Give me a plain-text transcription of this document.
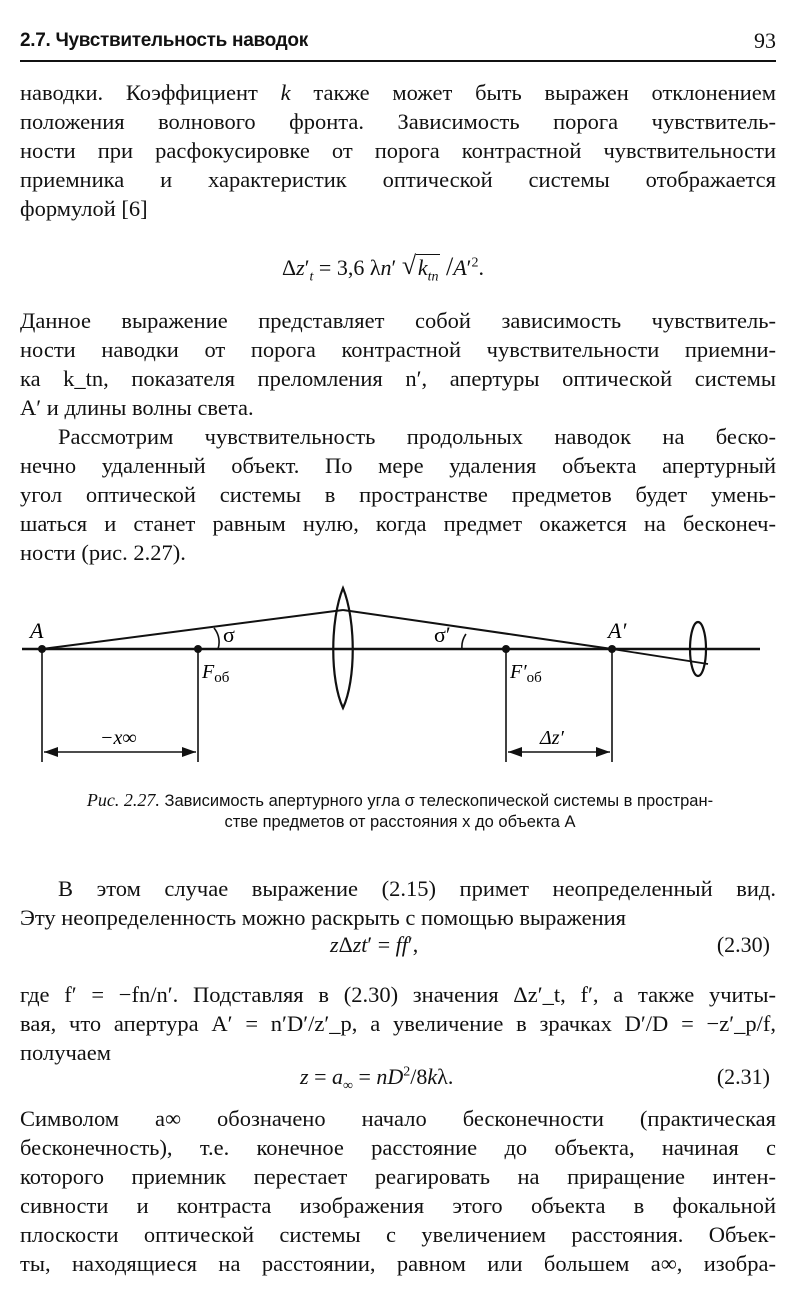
2.7. Чувствительность наводок	93
наводки. Коэффициент k также может быть выражен отклонением
положения волнового фронта. Зависимость порога чувствитель-
ности при расфокусировке от порога контрастной чувствительности
приемника и характеристик оптической системы отображается
формулой [6]
$\Delta z'_t = 3,6$ λn′ √ $k_{tn}$ $/A'^2$.
Данное выражение представляет собой зависимость чувствитель-
ности наводки от порога контрастной чувствительности приемни-
ка k_tn, показателя преломления n′, апертуры оптической системы
A′ и длины волны света.
Рассмотрим чувствительность продольных наводок на беско-
нечно удаленный объект. По мере удаления объекта апертурный
угол оптической системы в пространстве предметов будет умень-
шаться и станет равным нулю, когда предмет окажется на бесконеч-
ности (рис. 2.27).
A	A′
σ	σ′
$F_{об}$	$F'_{об}$
−x∞	Δz′
Рис. 2.27. Зависимость апертурного угла σ телескопической системы в простран-
стве предметов от расстояния x до объекта A
В этом случае выражение (2.15) примет неопределенный вид.
Эту неопределенность можно раскрыть с помощью выражения
zΔzt′ = ff′,	(2.30)
где f′ = −fn/n′. Подставляя в (2.30) значения Δz′_t, f′, а также учиты-
вая, что апертура A′ = n′D′/z′_p, а увеличение в зрачках D′/D = −z′_p/f,
получаем
$z = a_\infty = nD^2/8k\lambda$.	(2.31)
Символом a∞ обозначено начало бесконечности (практическая
бесконечность), т.е. конечное расстояние до объекта, начиная с
которого приемник перестает реагировать на приращение интен-
сивности и контраста изображения этого объекта в фокальной
плоскости оптической системы с увеличением расстояния. Объек-
ты, находящиеся на расстоянии, равном или большем a∞, изобра-
